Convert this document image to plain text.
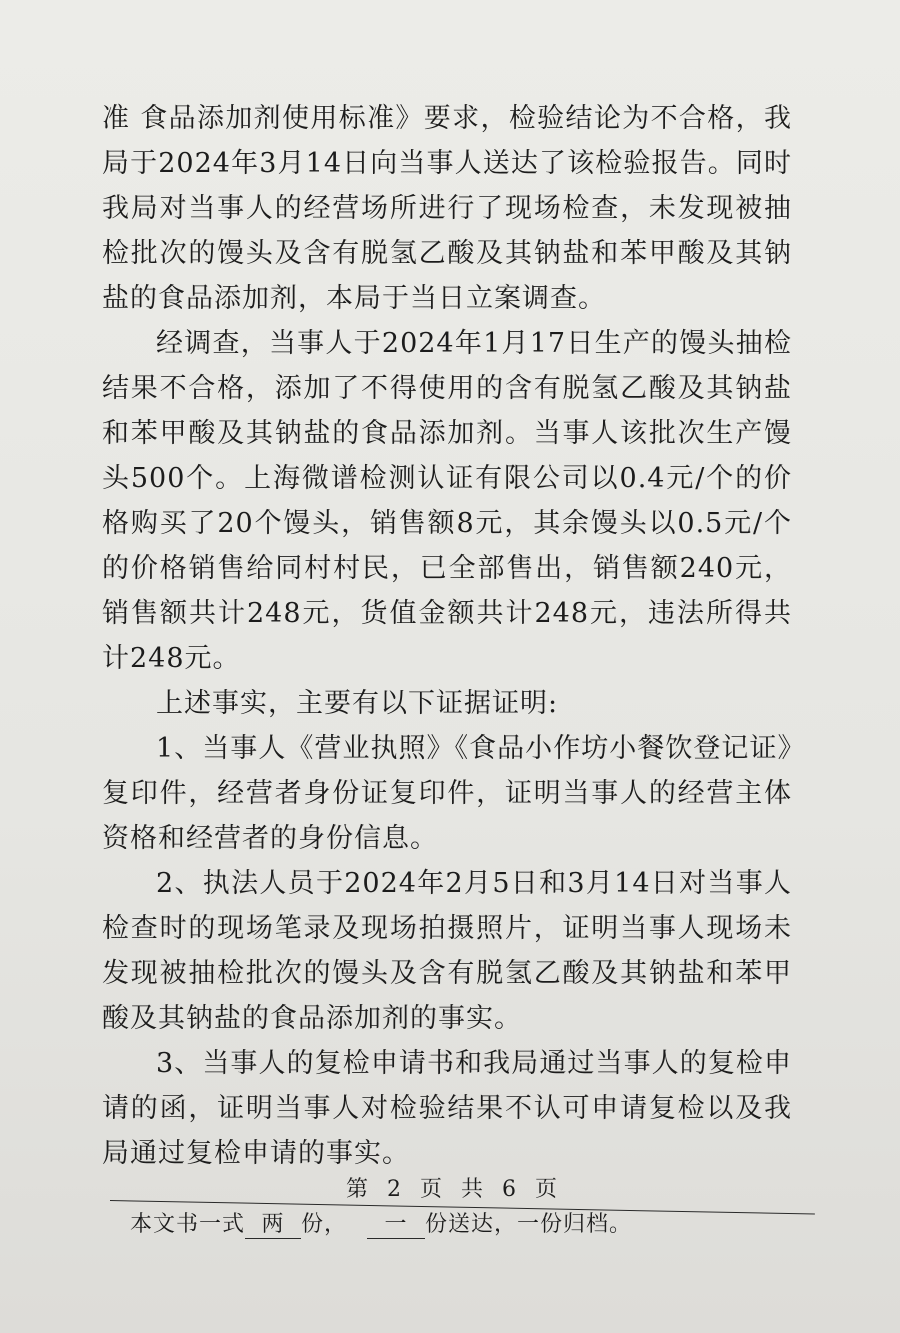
准 食品添加剂使用标准》要求，检验结论为不合格，我局于2024年3月14日向当事人送达了该检验报告。同时我局对当事人的经营场所进行了现场检查，未发现被抽检批次的馒头及含有脱氢乙酸及其钠盐和苯甲酸及其钠盐的食品添加剂，本局于当日立案调查。

经调查，当事人于2024年1月17日生产的馒头抽检结果不合格，添加了不得使用的含有脱氢乙酸及其钠盐和苯甲酸及其钠盐的食品添加剂。当事人该批次生产馒头500个。上海微谱检测认证有限公司以0.4元/个的价格购买了20个馒头，销售额8元，其余馒头以0.5元/个的价格销售给同村村民，已全部售出，销售额240元，销售额共计248元，货值金额共计248元，违法所得共计248元。

上述事实，主要有以下证据证明:

1、当事人《营业执照》《食品小作坊小餐饮登记证》复印件，经营者身份证复印件，证明当事人的经营主体资格和经营者的身份信息。

2、执法人员于2024年2月5日和3月14日对当事人检查时的现场笔录及现场拍摄照片，证明当事人现场未发现被抽检批次的馒头及含有脱氢乙酸及其钠盐和苯甲酸及其钠盐的食品添加剂的事实。

3、当事人的复检申请书和我局通过当事人的复检申请的函，证明当事人对检验结果不认可申请复检以及我局通过复检申请的事实。

第 2 页 共 6 页
本文书一式 两 份， 一 份送达，一份归档。
